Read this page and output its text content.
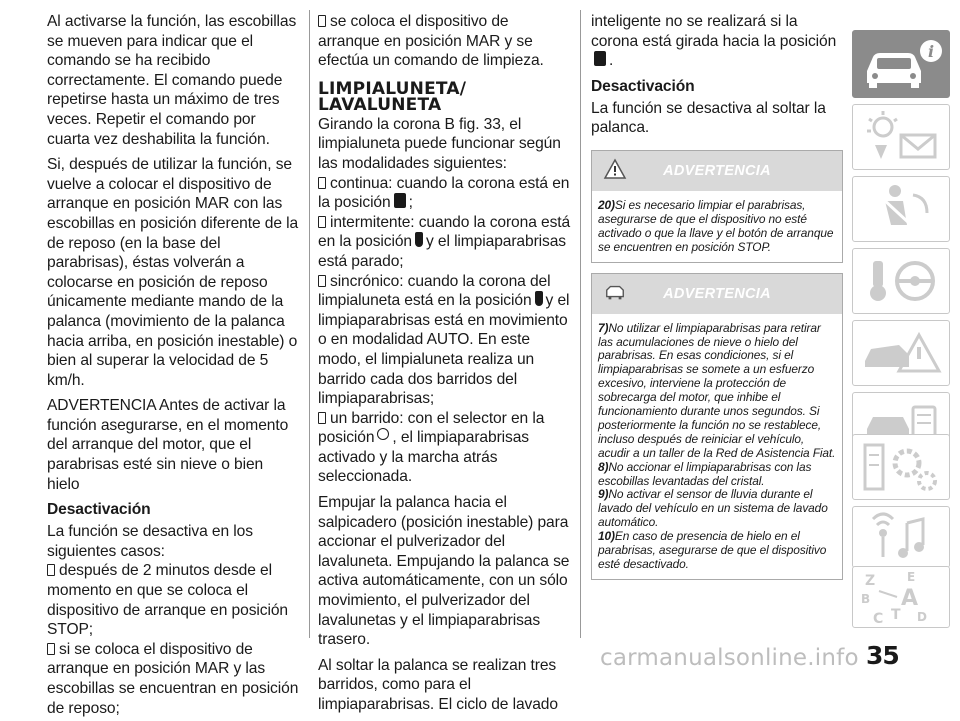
Al activarse la función, las escobillas se mueven para indicar que el comando se ha recibido correctamente. El comando puede repetirse hasta un máximo de tres veces. Repetir el comando por cuarta vez deshabilita la función.

Si, después de utilizar la función, se vuelve a colocar el dispositivo de arranque en posición MAR con las escobillas en posición diferente de la de reposo (en la base del parabrisas), éstas volverán a colocarse en posición de reposo únicamente mediante mando de la palanca (movimiento de la palanca hacia arriba, en posición inestable) o bien al superar la velocidad de 5 km/h.

ADVERTENCIA Antes de activar la función asegurarse, en el momento del arranque del motor, que el parabrisas esté sin nieve o bien hielo

Desactivación

La función se desactiva en los siguientes casos:

después de 2 minutos desde el momento en que se coloca el dispositivo de arranque en posición STOP;

si se coloca el dispositivo de arranque en posición MAR y las escobillas se encuentran en posición de reposo;

se coloca el dispositivo de arranque en posición MAR y se efectúa un comando de limpieza.

LIMPIALUNETA/
LAVALUNETA

Girando la corona B fig. 33, el limpialuneta puede funcionar según las modalidades siguientes:

continua: cuando la corona está en la posición ;

intermitente: cuando la corona está en la posición y el limpiaparabrisas está parado;

sincrónico: cuando la corona del limpialuneta está en la posición y el limpiaparabrisas está en movimiento o en modalidad AUTO. En este modo, el limpialuneta realiza un barrido cada dos barridos del limpiaparabrisas;

un barrido: con el selector en la posición , el limpiaparabrisas activado y la marcha atrás seleccionada.

Empujar la palanca hacia el salpicadero (posición inestable) para accionar el pulverizador del lavaluneta. Empujando la palanca se activa automáticamente, con un sólo movimiento, el pulverizador del lavalunetas y el limpiaparabrisas trasero.

Al soltar la palanca se realizan tres barridos, como para el limpiaparabrisas. El ciclo de lavado

inteligente no se realizará si la corona está girada hacia la posición.

Desactivación

La función se desactiva al soltar la palanca.

ADVERTENCIA

20)Si es necesario limpiar el parabrisas, asegurarse de que el dispositivo no esté activado o que la llave y el botón de arranque se encuentren en posición STOP.

ADVERTENCIA

7)No utilizar el limpiaparabrisas para retirar las acumulaciones de nieve o hielo del parabrisas. En esas condiciones, si el limpiaparabrisas se somete a un esfuerzo excesivo, interviene la protección de sobrecarga del motor, que inhibe el funcionamiento durante unos segundos. Si posteriormente la función no se restablece, incluso después de reiniciar el vehículo, acudir a un taller de la Red de Asistencia Fiat.

8)No accionar el limpiaparabrisas con las escobillas levantadas del cristal.

9)No activar el sensor de lluvia durante el lavado del vehículo en un sistema de lavado automático.

10)En caso de presencia de hielo en el parabrisas, asegurarse de que el dispositivo esté desactivado.

i
Z	E
B A
C T D
carmanualsonline.info 35
